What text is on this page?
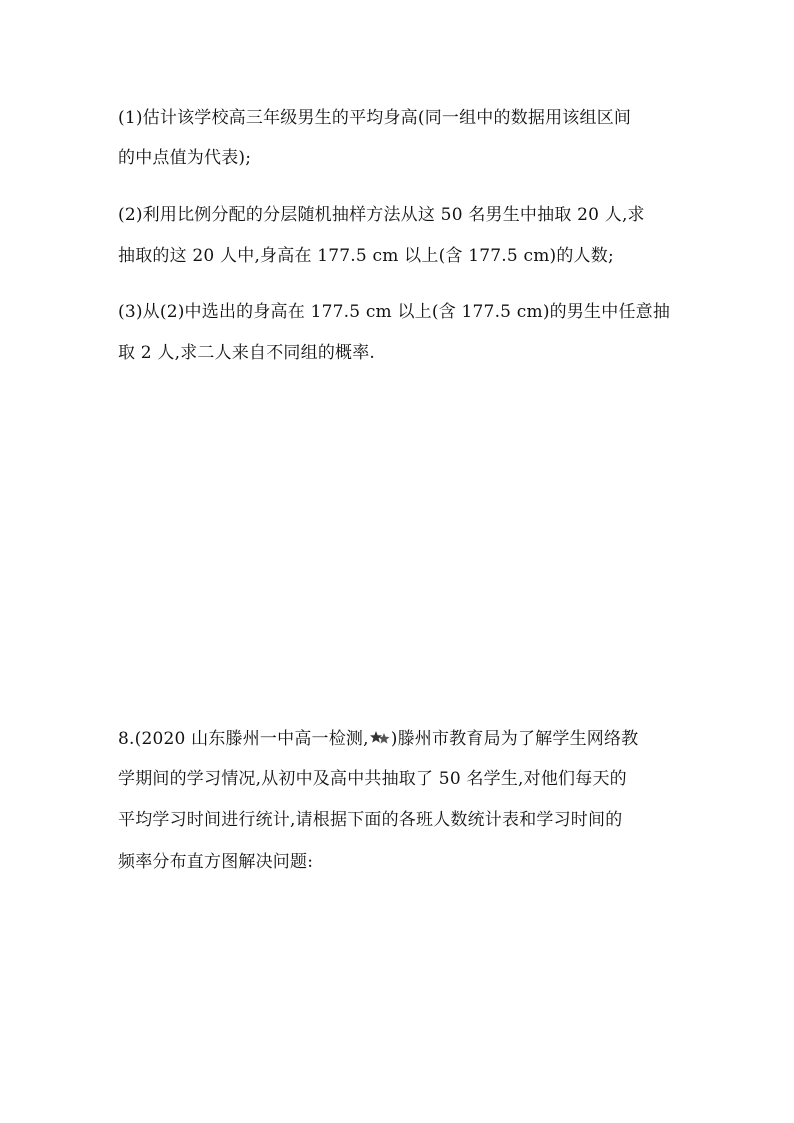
(1)估计该学校高三年级男生的平均身高(同一组中的数据用该组区间
的中点值为代表);
(2)利用比例分配的分层随机抽样方法从这 50 名男生中抽取 20 人,求
抽取的这 20 人中,身高在 177.5 cm 以上(含 177.5 cm)的人数;
(3)从(2)中选出的身高在 177.5 cm 以上(含 177.5 cm)的男生中任意抽
取 2 人,求二人来自不同组的概率.
8.(2020 山东滕州一中高一检测, )滕州市教育局为了解学生网络教
学期间的学习情况,从初中及高中共抽取了 50 名学生,对他们每天的
平均学习时间进行统计,请根据下面的各班人数统计表和学习时间的
频率分布直方图解决问题:
